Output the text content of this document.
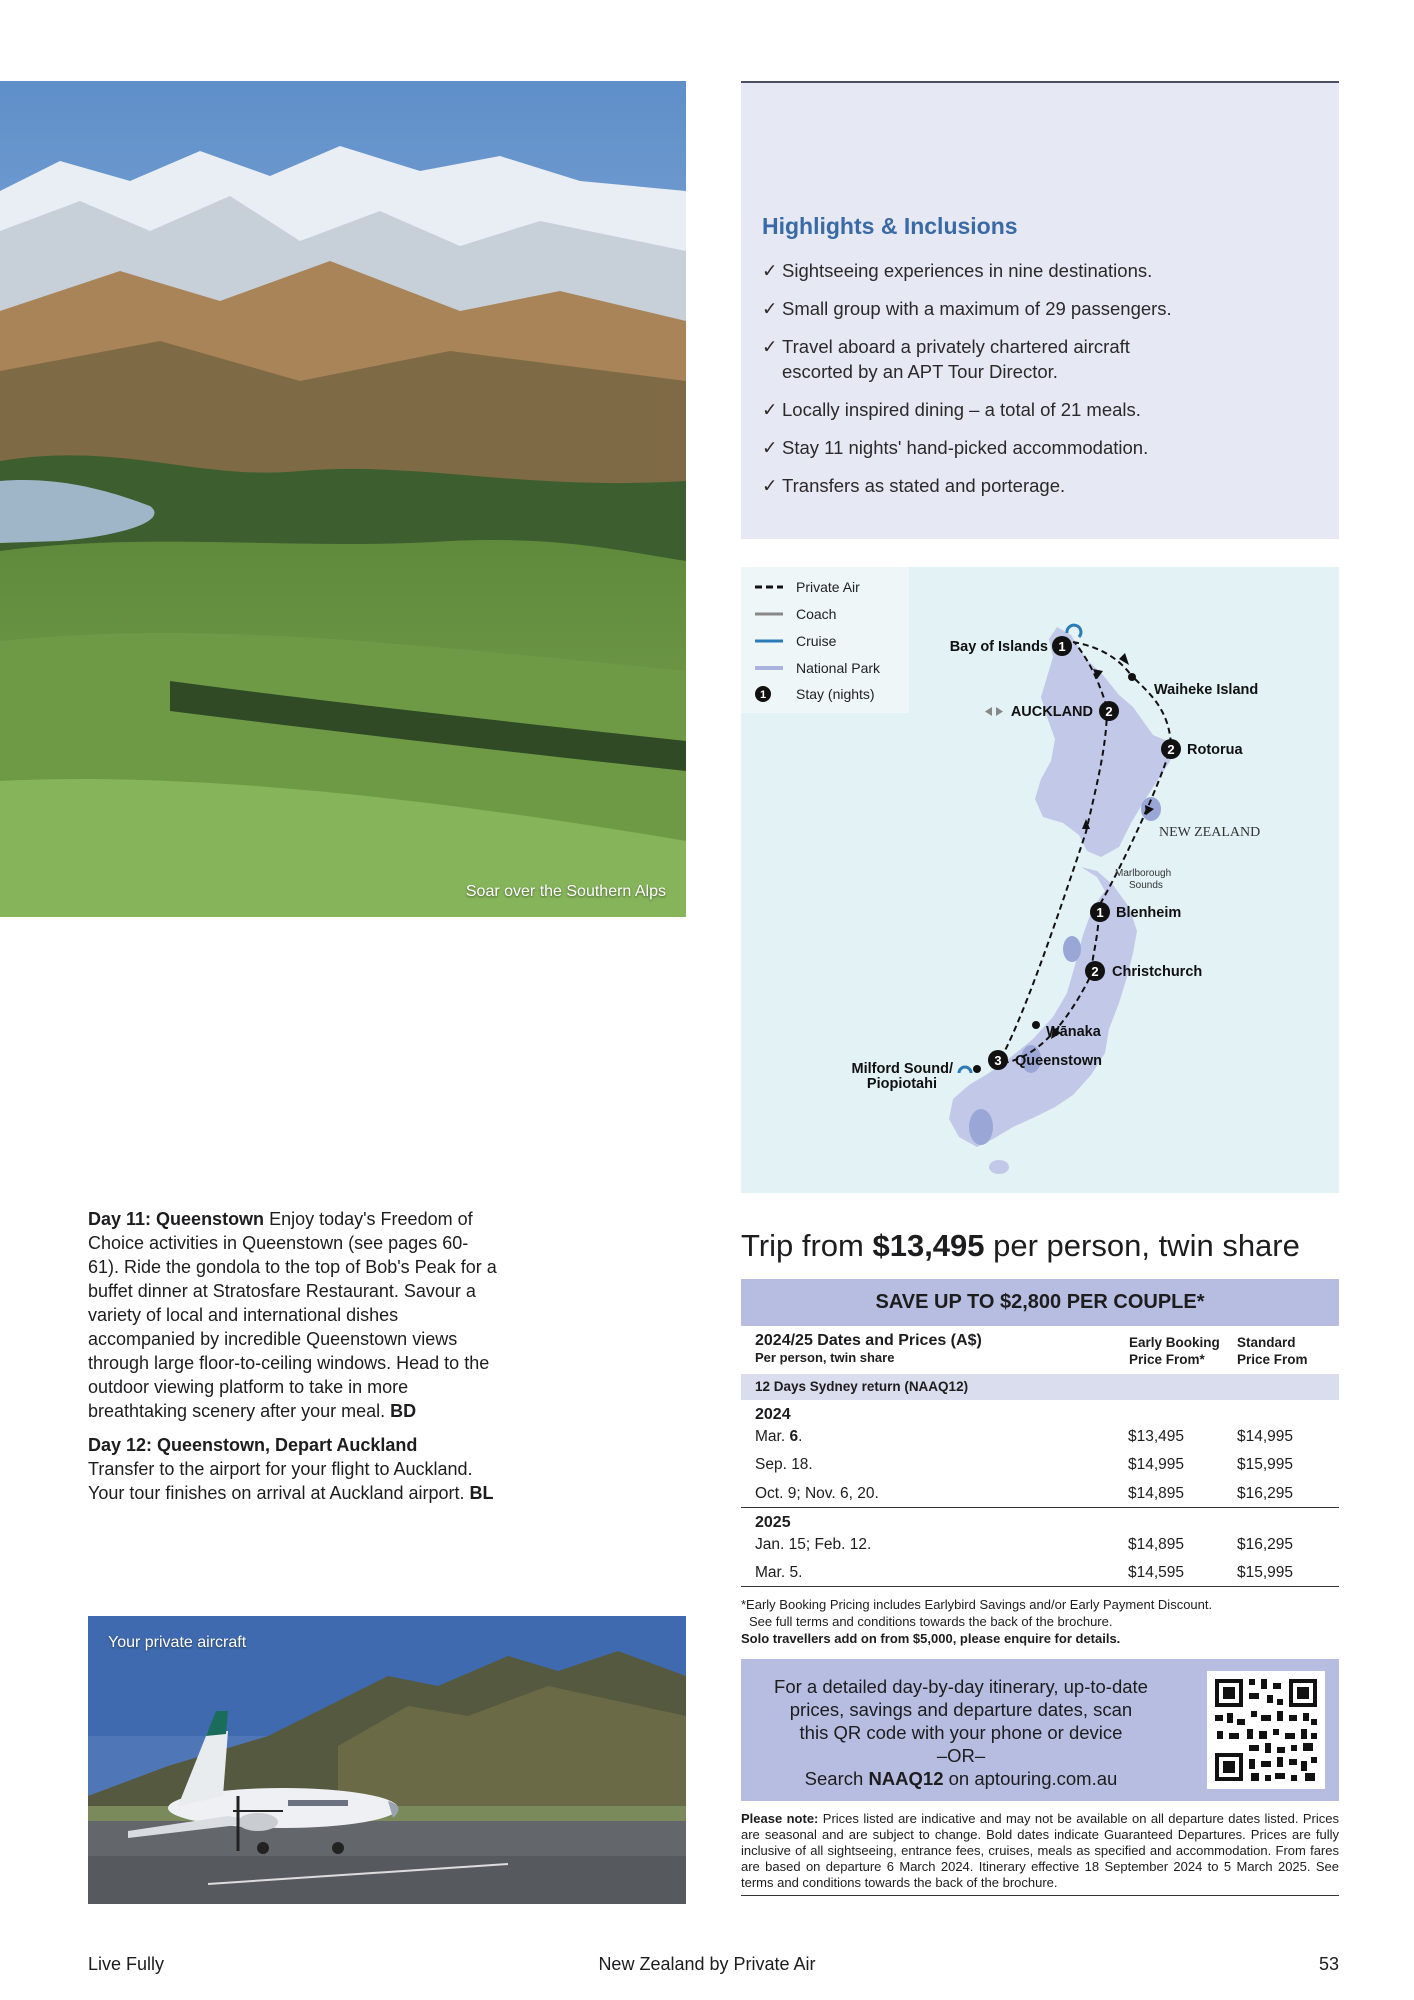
Soar over the Southern Alps
Highlights & Inclusions
✓ Sightseeing experiences in nine destinations.
✓ Small group with a maximum of 29 passengers.
✓ Travel aboard a privately chartered aircraft escorted by an APT Tour Director.
✓ Locally inspired dining – a total of 21 meals.
✓ Stay 11 nights' hand-picked accommodation.
✓ Transfers as stated and porterage.
Private Air
Coach
Cruise
National Park
1 Stay (nights)
1
Bay of Islands
Waiheke Island
2
AUCKLAND
2 Rotorua
NEW ZEALAND
Marlborough
Sounds
1 Blenheim
2 Christchurch
Wānaka
3 Queenstown
Milford Sound/
Piopiotahi

Day 11: Queenstown Enjoy today's Freedom of Choice activities in Queenstown (see pages 60-61). Ride the gondola to the top of Bob's Peak for a buffet dinner at Stratosfare Restaurant. Savour a variety of local and international dishes accompanied by incredible Queenstown views through large floor-to-ceiling windows. Head to the outdoor viewing platform to take in more breathtaking scenery after your meal. BD

Day 12: Queenstown, Depart Auckland
Transfer to the airport for your flight to Auckland. Your tour finishes on arrival at Auckland airport. BL

Your private aircraft
Trip from $13,495 per person, twin share
SAVE UP TO $2,800 PER COUPLE*
2024/25 Dates and Prices (A$)
Per person, twin share
Early Booking
Price From*
Standard
Price From
12 Days Sydney return (NAAQ12)
2024
Mar. 6.	$13,495	$14,995
Sep. 18.	$14,995	$15,995
Oct. 9; Nov. 6, 20.	$14,895	$16,295
2025
Jan. 15; Feb. 12.	$14,895	$16,295
Mar. 5.	$14,595	$15,995
*Early Booking Pricing includes Earlybird Savings and/or Early Payment Discount.
See full terms and conditions towards the back of the brochure.
Solo travellers add on from $5,000, please enquire for details.
For a detailed day-by-day itinerary, up-to-date
prices, savings and departure dates, scan
this QR code with your phone or device
–OR–
Search NAAQ12 on aptouring.com.au
Please note: Prices listed are indicative and may not be available on all departure dates listed. Prices are seasonal and are subject to change. Bold dates indicate Guaranteed Departures. Prices are fully inclusive of all sightseeing, entrance fees, cruises, meals as specified and accommodation. From fares are based on departure 6 March 2024. Itinerary effective 18 September 2024 to 5 March 2025. See terms and conditions towards the back of the brochure.
Live Fully	New Zealand by Private Air	53
